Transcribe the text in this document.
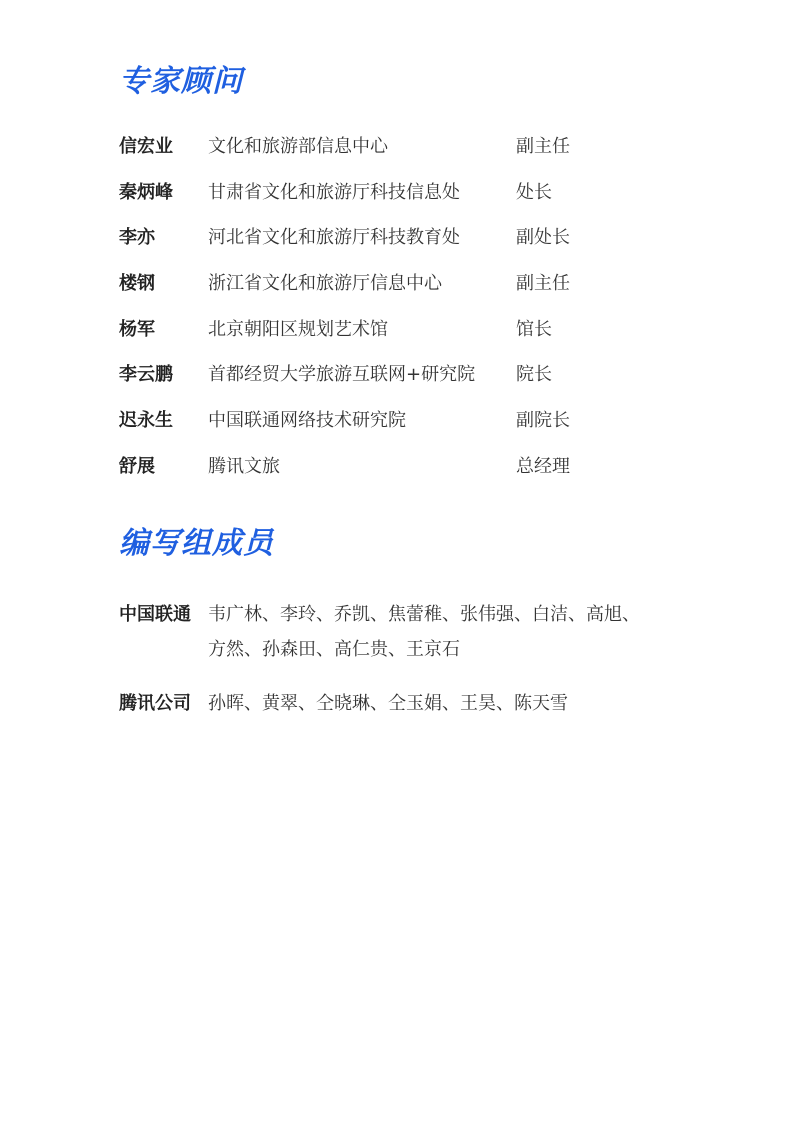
专家顾问
信宏业 文化和旅游部信息中心	副主任
秦炳峰 甘肃省文化和旅游厅科技信息处	处长
李亦	河北省文化和旅游厅科技教育处	副处长
楼钢	浙江省文化和旅游厅信息中心	副主任
杨军	北京朝阳区规划艺术馆	馆长
李云鹏 首都经贸大学旅游互联网+研究院 院长
迟永生 中国联通网络技术研究院	副院长
舒展	腾讯文旅	总经理
编写组成员
中国联通 韦广林、李玲、乔凯、焦蕾稚、张伟强、白洁、高旭、
方然、孙森田、高仁贵、王京石
腾讯公司 孙晖、黄翠、仝晓琳、仝玉娟、王昊、陈天雪
